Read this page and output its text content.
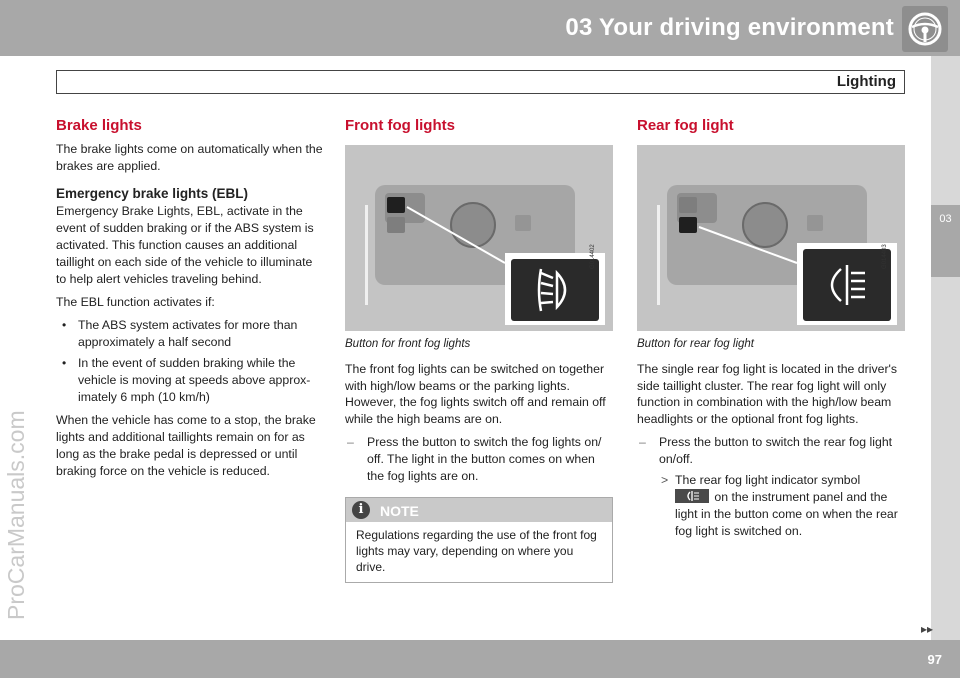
03 Your driving environment
Lighting
03
ProCarManuals.com
Brake lights

The brake lights come on automatically when the brakes are applied.

Emergency brake lights (EBL)

Emergency Brake Lights, EBL, activate in the event of sudden braking or if the ABS system is activated. This function causes an additional taillight on each side of the vehicle to illuminate to help alert vehicles traveling behind.

The EBL function activates if:

• The ABS system activates for more than approximately a half second
• In the event of sudden braking while the vehicle is moving at speeds above approx-imately 6 mph (10 km/h)

When the vehicle has come to a stop, the brake lights and additional taillights remain on for as long as the brake pedal is depressed or until braking force on the vehicle is reduced.

Front fog lights
G014402
Button for front fog lights

The front fog lights can be switched on together with high/low beams or the parking lights. However, the fog lights switch off and remain off while the high beams are on.

– Press the button to switch the fog lights on/ off. The light in the button comes on when the fog lights are on.
i	NOTE
Regulations regarding the use of the front fog lights may vary, depending on where you drive.
Rear fog light
G014403
Button for rear fog light

The single rear fog light is located in the driver's side taillight cluster. The rear fog light will only function in combination with the high/low beam headlights or the optional front fog lights.

– Press the button to switch the rear fog light on/off.
> The rear fog light indicator symbol

on the instrument panel and the light in the button come on when the rear fog light is switched on.
▸▸
97
